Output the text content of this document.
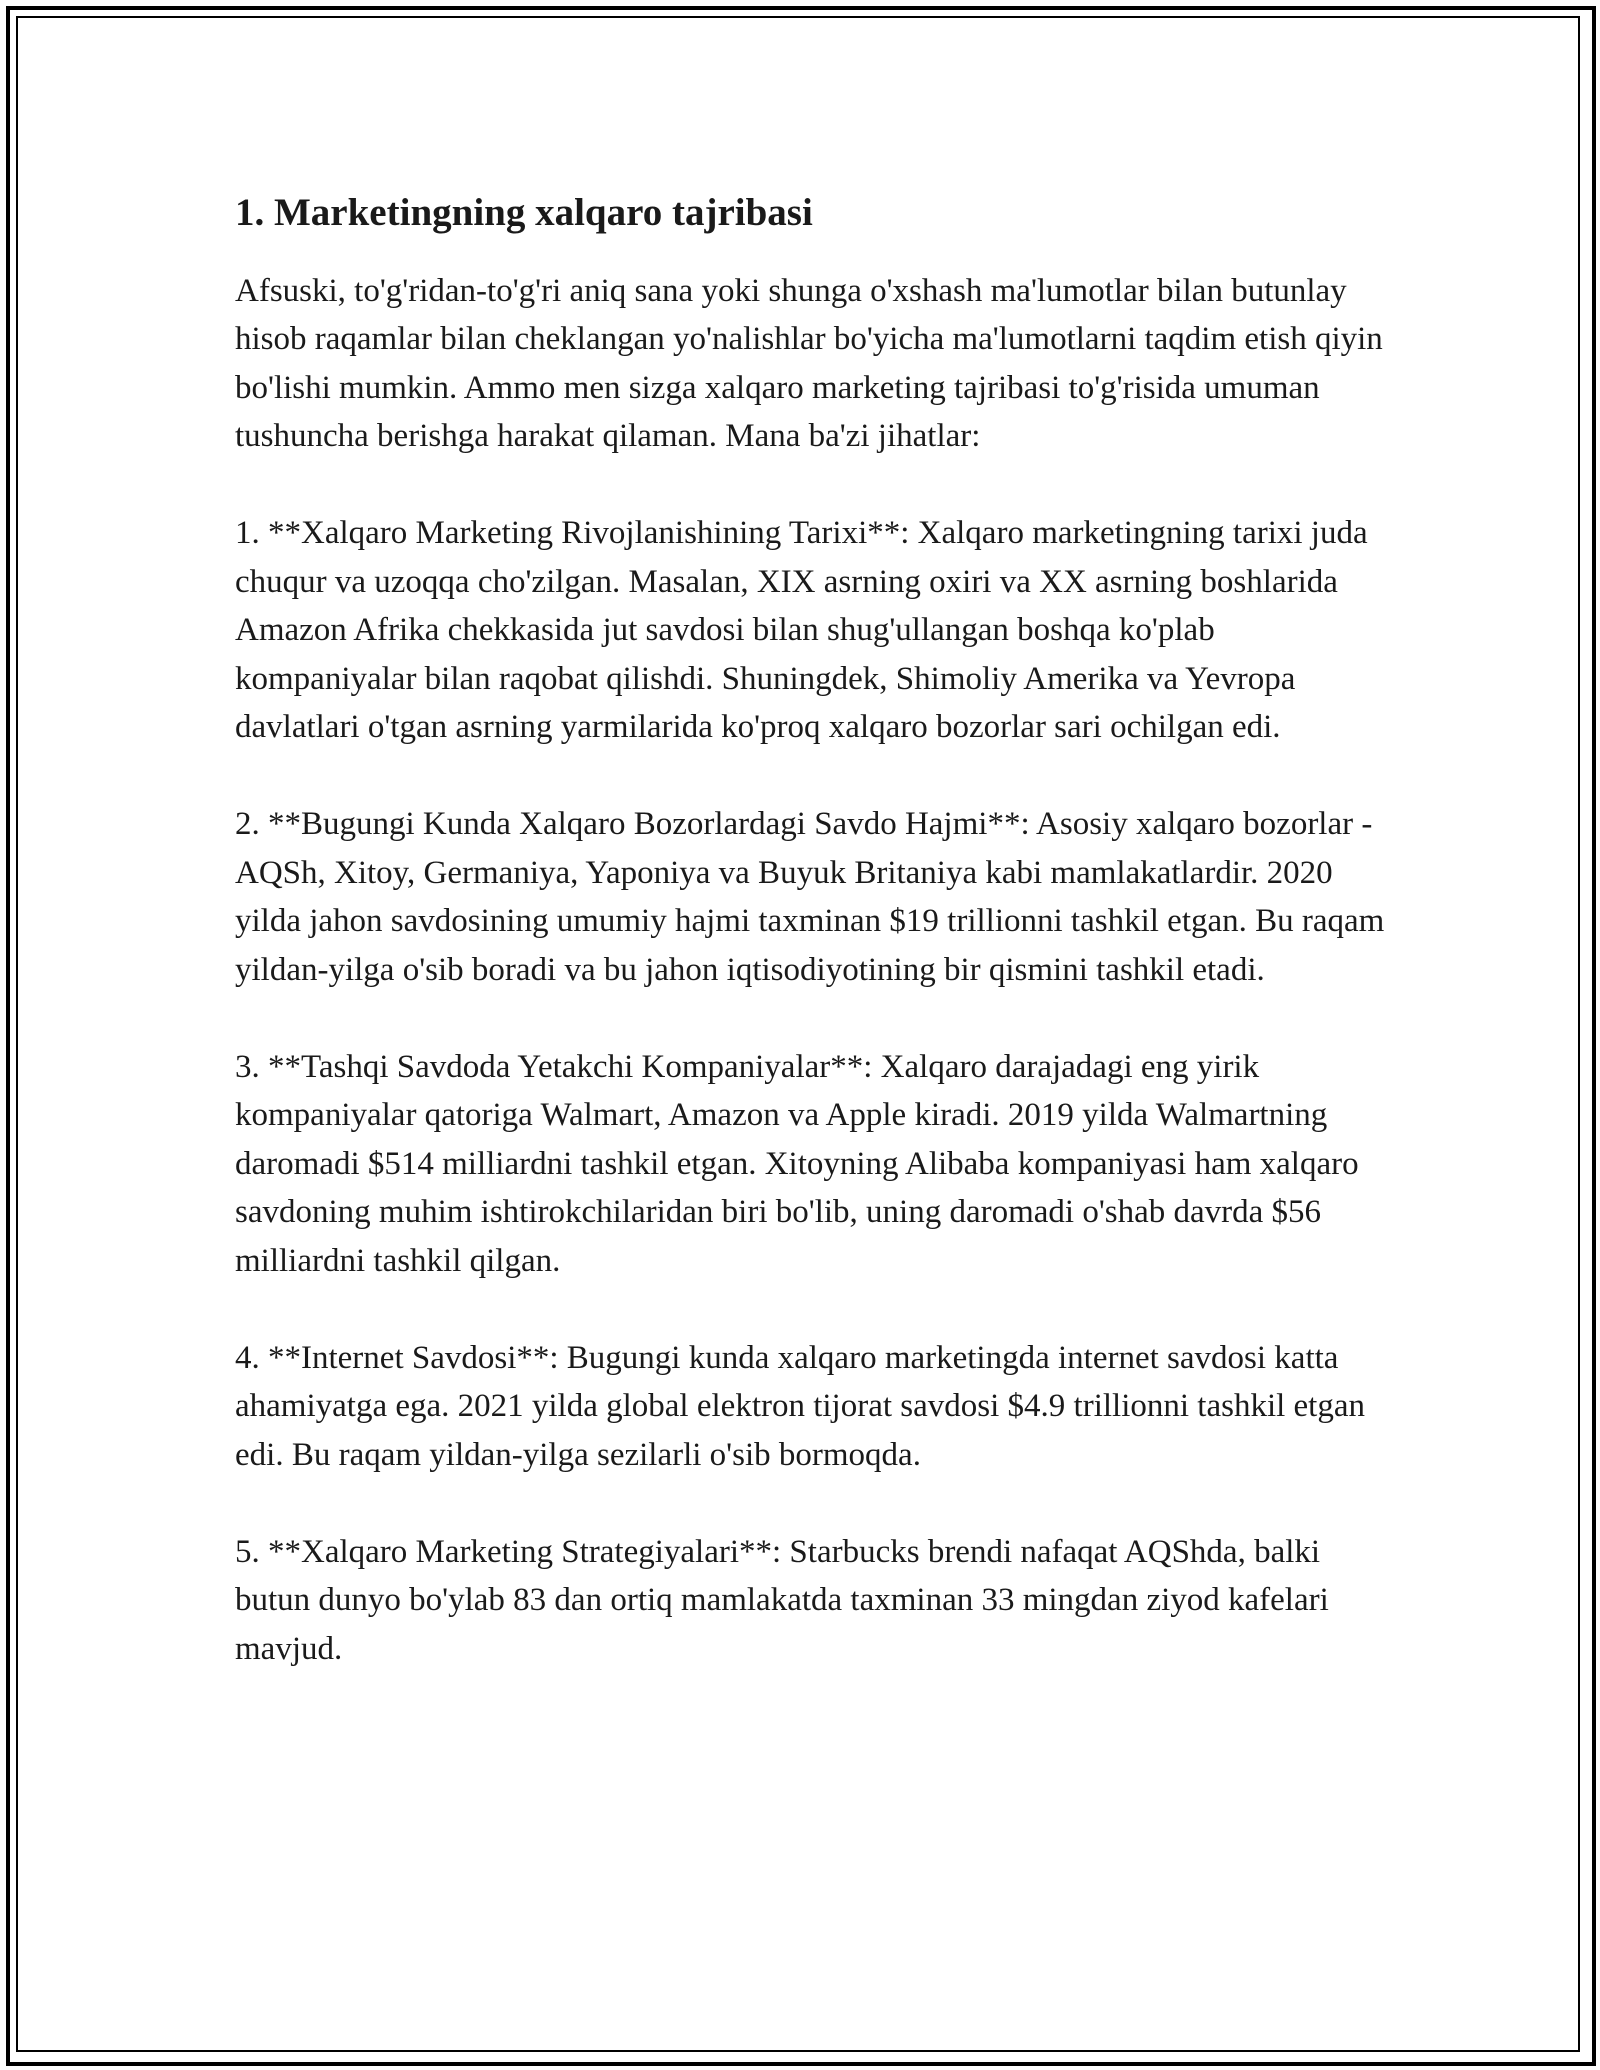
1. Marketingning xalqaro tajribasi

Afsuski, to'g'ridan-to'g'ri aniq sana yoki shunga o'xshash ma'lumotlar bilan butunlay hisob raqamlar bilan cheklangan yo'nalishlar bo'yicha ma'lumotlarni taqdim etish qiyin bo'lishi mumkin. Ammo men sizga xalqaro marketing tajribasi to'g'risida umuman tushuncha berishga harakat qilaman. Mana ba'zi jihatlar:

1. **Xalqaro Marketing Rivojlanishining Tarixi**: Xalqaro marketingning tarixi juda chuqur va uzoqqa cho'zilgan. Masalan, XIX asrning oxiri va XX asrning boshlarida Amazon Afrika chekkasida jut savdosi bilan shug'ullangan boshqa ko'plab kompaniyalar bilan raqobat qilishdi. Shuningdek, Shimoliy Amerika va Yevropa davlatlari o'tgan asrning yarmilarida ko'proq xalqaro bozorlar sari ochilgan edi.

2. **Bugungi Kunda Xalqaro Bozorlardagi Savdo Hajmi**: Asosiy xalqaro bozorlar - AQSh, Xitoy, Germaniya, Yaponiya va Buyuk Britaniya kabi mamlakatlardir. 2020 yilda jahon savdosining umumiy hajmi taxminan $19 trillionni tashkil etgan. Bu raqam yildan-yilga o'sib boradi va bu jahon iqtisodiyotining bir qismini tashkil etadi.

3. **Tashqi Savdoda Yetakchi Kompaniyalar**: Xalqaro darajadagi eng yirik kompaniyalar qatoriga Walmart, Amazon va Apple kiradi. 2019 yilda Walmartning daromadi $514 milliardni tashkil etgan. Xitoyning Alibaba kompaniyasi ham xalqaro savdoning muhim ishtirokchilaridan biri bo'lib, uning daromadi o'shab davrda $56 milliardni tashkil qilgan.

4. **Internet Savdosi**: Bugungi kunda xalqaro marketingda internet savdosi katta ahamiyatga ega. 2021 yilda global elektron tijorat savdosi $4.9 trillionni tashkil etgan edi. Bu raqam yildan-yilga sezilarli o'sib bormoqda.

5. **Xalqaro Marketing Strategiyalari**: Starbucks brendi nafaqat AQShda, balki butun dunyo bo'ylab 83 dan ortiq mamlakatda taxminan 33 mingdan ziyod kafelari mavjud.
